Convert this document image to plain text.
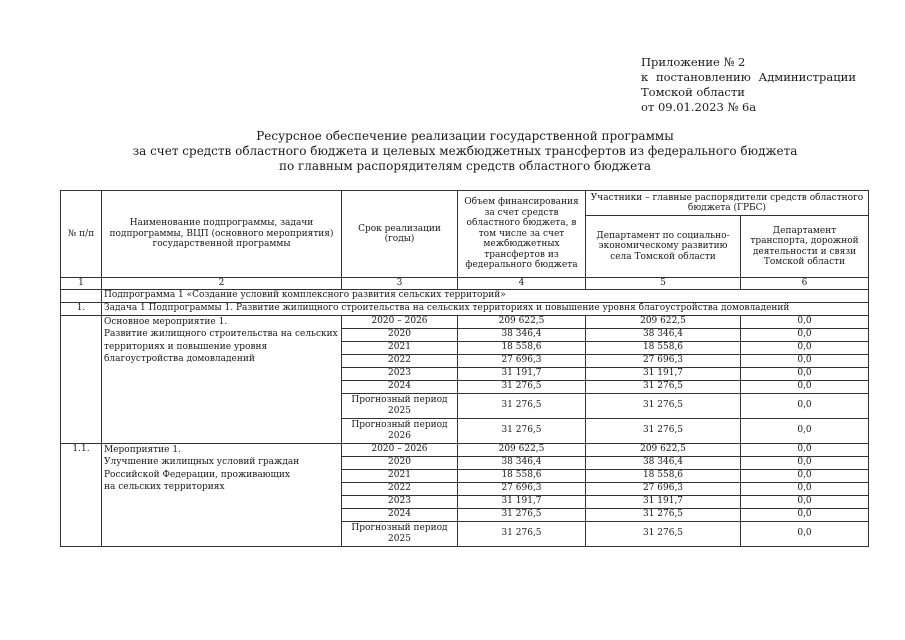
Приложение № 2
к постановлению Администрации
Томской области
от 09.01.2023 № 6а
Ресурсное обеспечение реализации государственной программы
за счет средств областного бюджета и целевых межбюджетных трансфертов из федерального бюджета
по главным распорядителям средств областного бюджета
№ п/п	Наименование подпрограммы, задачи подпрограммы, ВЦП (основного мероприятия) государственной программы	Срок реализации (годы)	Объем финансирования за счет средств областного бюджета, в том числе за счет межбюджетных трансфертов из федерального бюджета	Участники – главные распорядители средств областного бюджета (ГРБС)	
				Департамент по социально-экономическому развитию села Томской области	Департамент транспорта, дорожной деятельности и связи Томской области
1	2	3	4	5	6
	Подпрограмма 1 «Создание условий комплексного развития сельских территорий»				
1.	Задача 1 Подпрограммы 1. Развитие жилищного строительства на сельских территориях и повышение уровня благоустройства домовладений				

	Основное мероприятие 1.
Развитие жилищного строительства на сельских
территориях и повышение уровня
благоустройства домовладений	2020 – 2026	209 622,5	209 622,5	0,0
		2020	38 346,4	38 346,4	0,0
		2021	18 558,6	18 558,6	0,0
		2022	27 696,3	27 696,3	0,0
		2023	31 191,7	31 191,7	0,0
		2024	31 276,5	31 276,5	0,0
		Прогнозный период 2025	31 276,5	31 276,5	0,0
		Прогнозный период 2026	31 276,5	31 276,5	0,0
1.1.	Мероприятие 1.
Улучшение жилищных условий граждан
Российской Федерации, проживающих
на сельских территориях	2020 – 2026	209 622,5	209 622,5	0,0
		2020	38 346,4	38 346,4	0,0
		2021	18 558,6	18 558,6	0,0
		2022	27 696,3	27 696,3	0,0
		2023	31 191,7	31 191,7	0,0
		2024	31 276,5	31 276,5	0,0
		Прогнозный период 2025	31 276,5	31 276,5	0,0
